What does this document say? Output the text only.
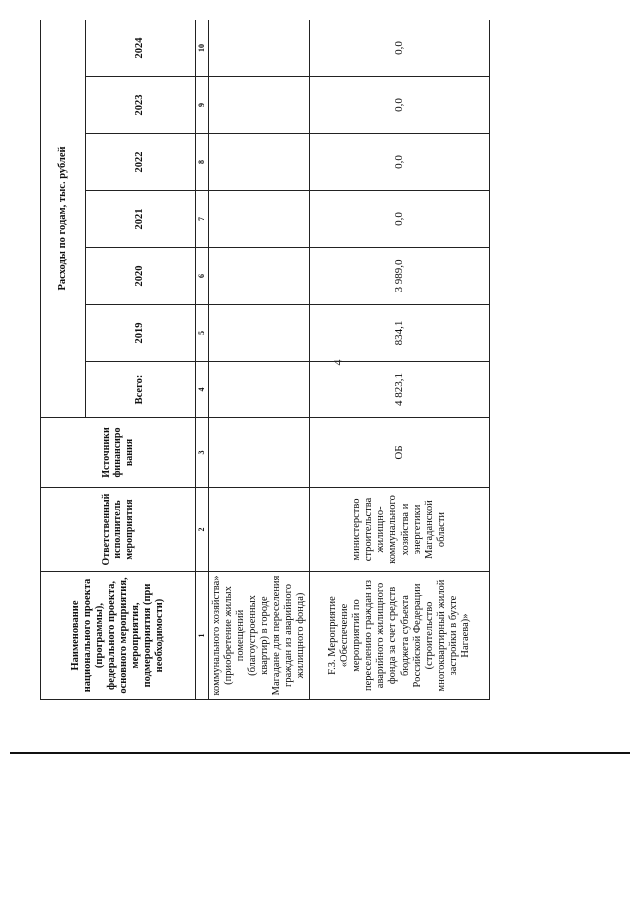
4
Наименование национального проекта (программы), федерального проекта, основного мероприятия, мероприятия, подмероприятия (при необходимости)	Ответственный исполнитель мероприятия	Источники финансиро вания	Расходы по годам, тыс. рублей						
			Всего:	2019	2020	2021	2022	2023	2024
1	2	3	4	5	6	7	8	9	10
коммунального хозяйства» (приобретение жилых помещений (благоустроенных квартир) в городе Магадане для переселения граждан из аварийного жилищного фонда)									
F.3. Мероприятие «Обеспечение мероприятий по переселению граждан из аварийного жилищного фонда за счет средств бюджета субъекта Российской Федерации (строительство многоквартирный жилой застройки в бухте Нагаева)»	министерство строительства жилищно-коммунального хозяйства и энергетики Магаданской области	ОБ	4 823,1	834,1	3 989,0	0,0	0,0	0,0	0,0
